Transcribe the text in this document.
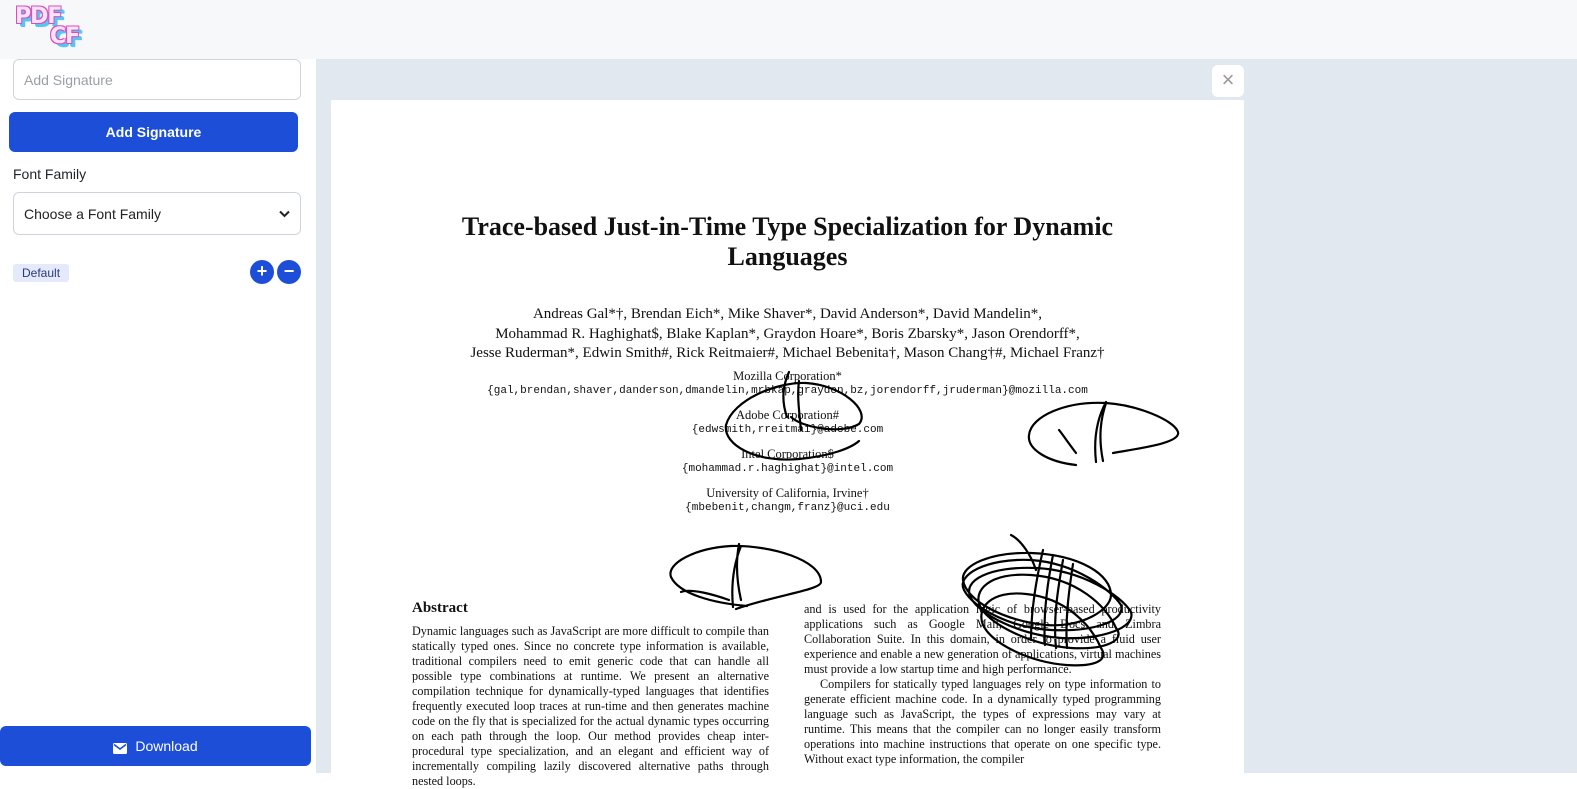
PDF
CF
Add Signature
Add Signature
Font Family
Choose a Font Family
Default	+ −
Download
×
Trace-based Just-in-Time Type Specialization for Dynamic
Languages
Andreas Gal*†, Brendan Eich*, Mike Shaver*, David Anderson*, David Mandelin*,
Mohammad R. Haghighat$, Blake Kaplan*, Graydon Hoare*, Boris Zbarsky*, Jason Orendorff*,
Jesse Ruderman*, Edwin Smith#, Rick Reitmaier#, Michael Bebenita†, Mason Chang†#, Michael Franz†
Mozilla Corporation*
{gal,brendan,shaver,danderson,dmandelin,mrbkap,graydon,bz,jorendorff,jruderman}@mozilla.com
Adobe Corporation#
{edwsmith,rreitmai}@adobe.com
Intel Corporation$
{mohammad.r.haghighat}@intel.com
University of California, Irvine†
{mbebenit,changm,franz}@uci.edu
Abstract

Dynamic languages such as JavaScript are more difficult to compile than statically typed ones. Since no concrete type information is available, traditional compilers need to emit generic code that can handle all possible type combinations at runtime. We present an alternative compilation technique for dynamically-typed languages that identifies frequently executed loop traces at run-time and then generates machine code on the fly that is specialized for the actual dynamic types occurring on each path through the loop. Our method provides cheap inter-procedural type specialization, and an elegant and efficient way of incrementally compiling lazily discovered alternative paths through nested loops.

and is used for the application logic of browser-based productivity applications such as Google Mail, Google Docs and Zimbra Collaboration Suite. In this domain, in order to provide a fluid user experience and enable a new generation of applications, virtual machines must provide a low startup time and high performance.

Compilers for statically typed languages rely on type information to generate efficient machine code. In a dynamically typed programming language such as JavaScript, the types of expressions may vary at runtime. This means that the compiler can no longer easily transform operations into machine instructions that operate on one specific type. Without exact type information, the compiler
